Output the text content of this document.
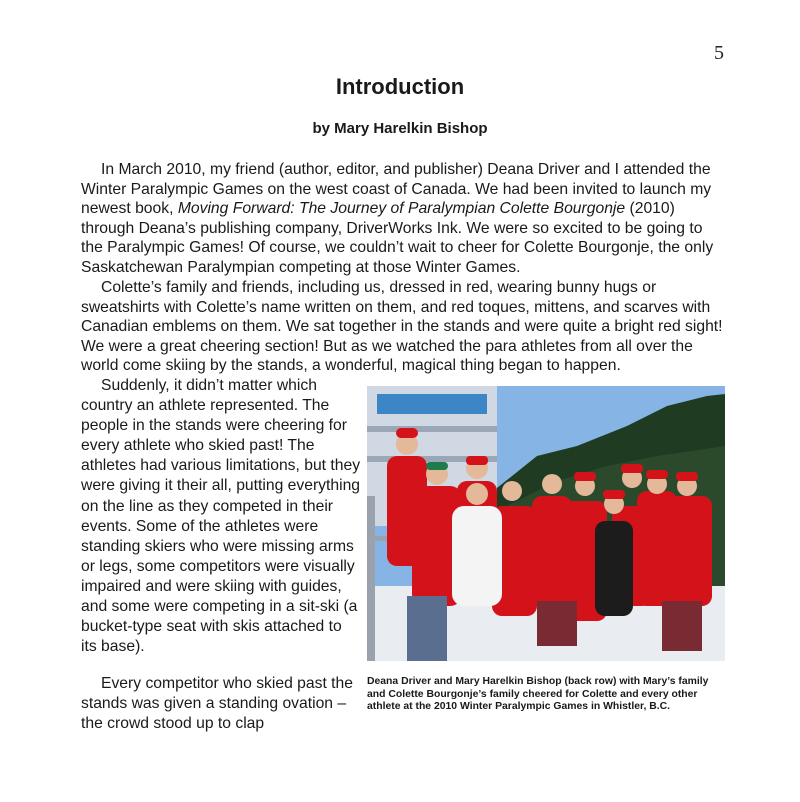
5
Introduction

by Mary Harelkin Bishop

In March 2010, my friend (author, editor, and publisher) Deana Driver and I attended the Winter Paralympic Games on the west coast of Canada. We had been invited to launch my newest book, Moving Forward: The Journey of Paralympian Colette Bourgonje (2010) through Deana’s publishing company, DriverWorks Ink. We were so excited to be going to the Paralympic Games! Of course, we couldn’t wait to cheer for Colette Bourgonje, the only Saskatchewan Paralympian competing at those Winter Games.

Colette’s family and friends, including us, dressed in red, wearing bunny hugs or sweatshirts with Colette’s name written on them, and red toques, mittens, and scarves with Canadian emblems on them. We sat together in the stands and were quite a bright red sight! We were a great cheering section! But as we watched the para athletes from all over the world come skiing by the stands, a wonderful, magical thing began to happen.

Suddenly, it didn’t matter which country an athlete represented. The people in the stands were cheering for every athlete who skied past! The athletes had various limitations, but they were giving it their all, putting everything on the line as they competed in their events. Some of the athletes were standing skiers who were missing arms or legs, some competitors were visually impaired and were skiing with guides, and some were competing in a sit-ski (a bucket-type seat with skis attached to its base).

Every competitor who skied past the stands was given a standing ovation – the crowd stood up to clap

Deana Driver and Mary Harelkin Bishop (back row) with Mary’s family and Colette Bourgonje’s family cheered for Colette and every other athlete at the 2010 Winter Paralympic Games in Whistler, B.C.
